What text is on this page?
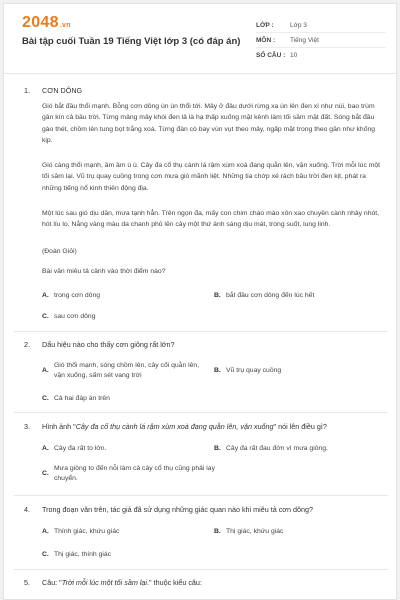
2048.vn
Bài tập cuối Tuần 19 Tiếng Việt lớp 3 (có đáp án)
LỚP :	Lớp 3
MÔN :	Tiếng Việt
SỐ CÂU : 10
1.	CƠN DÔNG
Gió bắt đầu thổi mạnh. Bỗng cơn dông ùn ùn thổi tới. Mây ở đâu dưới rừng xa ùn lên đen xì như núi, bao trùm gần kín cả bầu trời. Từng mảng mây khói đen lả là hạ thấp xuống mặt kênh làm tối sầm mặt đất. Sóng bắt đầu gào thét, chồm lên tung bọt trắng xoá. Từng đàn cò bay vùn vụt theo mây, ngấp mặt trong theo gần như khống kịp.
Gió càng thổi mạnh, ầm ầm ù ù. Cây đa cổ thụ cành lá rậm xùm xoà đang quằn lên, vặn xuống. Trời mỗi lúc một tối sầm lại. Vũ trụ quay cuồng trong cơn mưa gió mãnh liệt. Những tia chớp xé rách bầu trời đen kịt, phát ra những tiếng nổ kinh thiên động địa.
Một lúc sau gió dịu dần, mưa tạnh hẳn. Trên ngọn đa, mấy con chim chào mào xôn xao chuyền cành nhảy nhót, hót líu lo. Nắng vàng màu da chanh phủ lên cây một thứ ánh sáng dịu mát, trong suốt, lung linh.
(Đoàn Giỏi)
Bài văn miêu tả cảnh vào thời điểm nào?
A. trong cơn dông	B. bắt đầu cơn dông đến lúc hết
C. sau cơn dông
2.	Dấu hiệu nào cho thấy cơn giông rất lớn?
A.
Gió thổi mạnh, sóng chồm lên, cây cối quằn lên, vặn xuống, sấm sét vang trời
B. Vũ trụ quay cuồng
C. Cả hai đáp án trên
3.	Hình ảnh "Cây đa cổ thụ cành lá rậm xùm xoà đang quằn lên, vặn xuống" nói lên điều gì?
A. Cây đa rất to lớn.	B. Cây đa rất đau đớn vì mưa giông.
C.
Mưa giông to đến nỗi làm cả cây cổ thụ cũng phải lay chuyển.
4.	Trong đoạn văn trên, tác giả đã sử dụng những giác quan nào khi miêu tả cơn dông?
A. Thính giác, khứu giác	B. Thị giác, khứu giác
C. Thị giác, thính giác
5.	Câu: "Trời mỗi lúc một tối sầm lại." thuộc kiểu câu:
